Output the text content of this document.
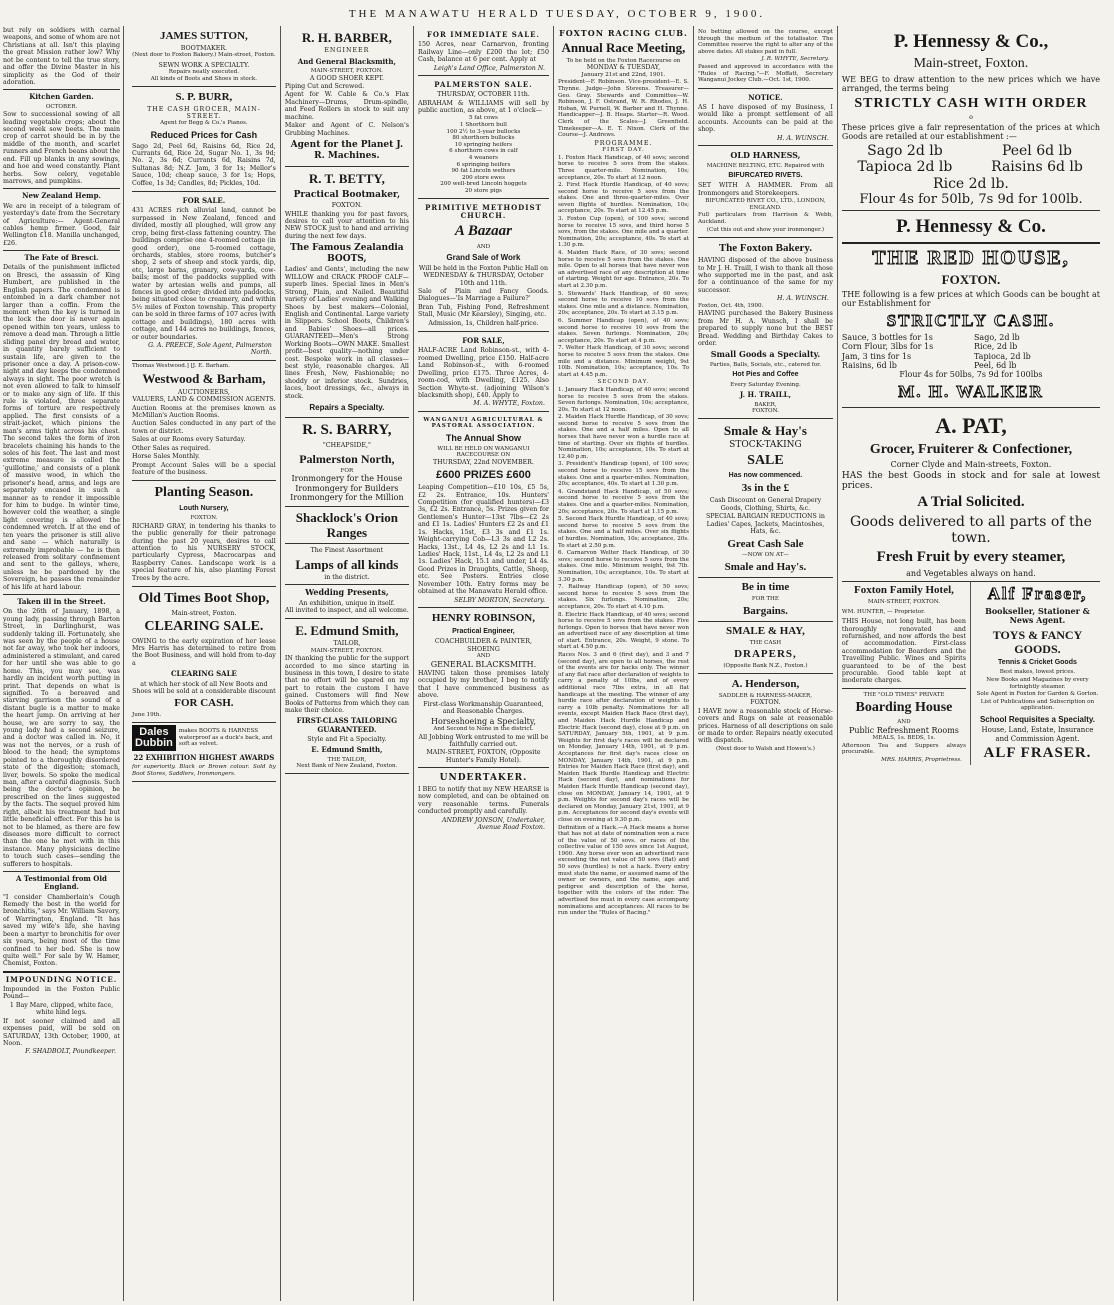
THE MANAWATU HERALD TUESDAY, OCTOBER 9, 1900.

but rely on soldiers with carnal weapons, and some of whom are not Christians at all. Isn't this playing the great Mission rather low? Why not be content to tell the true story, and offer the Divine Master in his simplicity as the God of their adoration.

Kitchen Garden.
OCTOBER.

Sow to successional sowing of all leading vegetable crops; about the second week sow beets. The main crop of carrot should be in by the middle of the month, and scarlet runners and French beans about the end. Fill up blanks in any sowings, and hoe and weed constantly. Plant herbs. Sow celery, vegetable marrows, and pumpkins.

New Zealand Hemp.

We are in receipt of a telegram of yesterday's date from the Secretary of Agriculture:— Agent-General cables hemp firmer. Good, fair Wellington £18. Manilla unchanged, £26.

The Fate of Bresci.

Details of the punishment inflicted on Bresci, the assassin of King Humbert, are published in the English papers. The condemned is entombed in a dark chamber not larger than a coffin. From the moment when the key is turned in the lock the door is never again opened within ten years, unless to remove a dead man. Through a little sliding panel dry bread and water, in quantity barely sufficient to sustain life, are given to the prisoner once a day. A prison-cow-night and day keeps the condemned always in sight. The poor wretch is not even allowed to talk to himself or to make any sign of life. If this rule is violated, three separate forms of torture are respectively applied. The first consists of a strait-jacket, which pinions the man's arms tight across his chest. The second takes the form of iron bracelets chaining his hands to the soles of his feet. The last and most extreme measure is called the 'guillotine,' and consists of a plank of massive wood, in which the prisoner's head, arms, and legs are separately encased in such a manner as to render it impossible for him to budge. In winter time, however cold the weather, a single light covering is allowed the condemned wretch. If at the end of ten years the prisoner is still alive and sane — which naturally is extremely improbable — he is then released from solitary confinement and sent to the galleys, where, unless he be pardoned by the Sovereign, he passes the remainder of his life at hard labour.

Taken ill in the Street.

On the 26th of January, 1898, a young lady, passing through Barton Street, in Darlinghurst, was suddenly taking ill. Fortunately, she was seen by the people of a house not far away, who took her indoors, administered a stimulant, and cared for her until she was able to go home. This, you may see, was hardly an incident worth putting in print. That depends on what is signified. To a bereaved and starving garrison the sound of a distant bugle is a matter to make the heart jump. On arriving at her house, we are sorry to say, the young lady had a second seizure, and a doctor was called in. No, it was not the nerves, or a rush of blood to the head; the symptoms pointed to a thoroughly disordered state of the digestion; stomach, liver, bowels. So spoke the medical man, after a careful diagnosis. Such being the doctor's opinion, he prescribed on the lines suggested by the facts. The sequel proved him right, albeit his treatment had but little beneficial effect. For this he is not to be blamed, as there are few diseases more difficult to correct than the one he met with in this instance. Many physicians decline to touch such cases—sending the sufferers to hospitals.

A Testimonial from Old England.

"I consider Chamberlain's Cough Remedy the best in the world for bronchitis," says Mr. William Savory, of Warrington, England. "It has saved my wife's life, she having been a martyr to bronchitis for over six years, being most of the time confined to her bed. She is now quite well." For sale by W. Hamer, Chemist, Foxton.

IMPOUNDING NOTICE.

Impounded in the Foxton Public Pound—

1 Bay Mare, clipped, white face, white hind legs.

If not sooner claimed and all expenses paid, will be sold on SATURDAY, 13th October, 1900, at Noon.

F. SHADBOLT, Poundkeeper.
JAMES SUTTON,
BOOTMAKER.
(Next door to Foxton Bakery.) Main-street, Foxton.
SEWN WORK A SPECIALTY.
Repairs neatly executed.
All kinds of Boots and Shoes in stock.
S. P. BURR,
THE CASH GROCER, MAIN-STREET.
Agent for Begg & Co.'s Pianos.
Reduced Prices for Cash

Sago 2d, Peel 6d, Raisins 6d, Rice 2d, Currants 6d, Rice 2d, Sugar No. 1, 3s 9d; No. 2, 3s 6d; Currants 6d, Raisins 7d, Sultanas 8d; N.Z. Jam, 3 for 1s; Mellor's Sauce, 10d; cheap sauce, 3 for 1s; Hops, Coffee, 1s 3d; Candles, 8d; Pickles, 10d.

FOR SALE.

431 ACRES rich alluvial land, cannot be surpassed in New Zealand, fenced and divided, mostly all ploughed, will grow any crop, being first-class fattening country. The buildings comprise one 4-roomed cottage (in good order), one 5-roomed cottage, orchards, stables, store rooms, butcher's shop, 2 sets of sheep and stock yards, dip, etc, large barns, granary, cow-yards, cow-bails; most of the paddocks supplied with water by artesian wells and pumps, all fences in good order; divided into paddocks, being situated close to creamery, and within 5½ miles of Foxton township. This property can be sold in three farms of 107 acres (with cottage and buildings), 180 acres with cottage, and 144 acres no buildings, fences, or outer boundaries.

G. A. PREECE, Sole Agent, Palmerston North.
Thomas Westwood.] [J. E. Barham.
Westwood & Barham,
AUCTIONEERS,
VALUERS, LAND & COMMISSION AGENTS.

Auction Rooms at the premises known as McMillan's Auction Rooms.

Auction Sales conducted in any part of the town or district.

Sales at our Rooms every Saturday.

Other Sales as required.

Horse Sales Monthly.

Prompt Account Sales will be a special feature of the business.

Planting Season.
Louth Nursery,
FOXTON.

RICHARD GRAY, in tendering his thanks to the public generally for their patronage during the past 20 years, desires to call attention to his NURSERY STOCK, particularly Cypress, Macrocarpas and Raspberry Canes. Landscape work is a special feature of his, also planting Forest Trees by the acre.

Old Times Boot Shop,
Main-street, Foxton.
CLEARING SALE.

OWING to the early expiration of her lease Mrs Harris has determined to retire from the Boot Business, and will hold from to-day a

CLEARING SALE

at which her stock of all New Boots and Shoes will be sold at a considerable discount

FOR CASH.
June 19th.
Dales
Dubbin
makes BOOTS & HARNESS waterproof as a duck's back, and soft as velvet.
22 EXHIBITION HIGHEST AWARDS

for superiority. Black or Brown colour. Sold by Boot Stores, Saddlers, Ironmongers.

R. H. BARBER,
ENGINEER
And General Blacksmith,
MAIN-STREET, FOXTON.
A GOOD SHOER KEPT.

Piping Cut and Screwed.

Agent for W. Cable & Co.'s Flax Machinery—Drums, Drum-spindle, and Feed Rollers in stock to suit any machine.

Maker and Agent of C. Nelson's Grubbing Machines.

Agent for the Planet J. R. Machines.
R. T. BETTY,
Practical Bootmaker,
FOXTON.

WHILE thanking you for past favors, desires to call your attention to his NEW STOCK just to hand and arriving during the next few days.

The Famous Zealandia BOOTS,

Ladies' and Gents', including the new WILLOW and CRACK PROOF CALF—superb lines. Special lines in Men's Strong, Plain, and Nailed. Beautiful variety of Ladies' evening and Walking Shoes by best makers—Colonial, English and Continental. Large variety in Slippers. School Boots, Children's and Babies' Shoes—all prices. GUARANTEED—Men's Strong Working Boots—OWN MAKE. Smallest profit—best quality—nothing under cost. Bespoke work in all classes—best style, reasonable charges. All lines Fresh, New, Fashionable; no shoddy or inferior stock. Sundries, laces, boot dressings, &c., always in stock.

Repairs a Specialty.
R. S. BARRY,
"CHEAPSIDE,"
Palmerston North,
FOR
Ironmongery for the House
Ironmongery for Builders
Ironmongery for the Million
Shacklock's Orion Ranges
The Finest Assortment
Lamps of all kinds
in the district.
Wedding Presents,
An exhibition, unique in itself.
All invited to inspect, and all welcome.
E. Edmund Smith,
TAILOR,
MAIN-STREET, FOXTON.

IN thanking the public for the support accorded to me since starting in business in this town, I desire to state that no effort will be spared on my part to retain the custom I have gained. Customers will find New Books of Patterns from which they can make their choice.

FIRST-CLASS TAILORING GUARANTEED.
Style and Fit a Specialty.
E. Edmund Smith,
THE TAILOR,
Next Bank of New Zealand, Foxton.
FOR IMMEDIATE SALE.

150 Acres, near Carnarvon, fronting Railway Line—only £200 the lot; £50 Cash, balance at 6 per cent. Apply at

Leigh's Land Office, Palmerston N.
PALMERSTON SALE.
THURSDAY, OCTOBER 11th.

ABRAHAM & WILLIAMS will sell by public auction, as above, at 1 o'clock—

5 fat cows
1 Shorthorn bull
100 2½ to 3-year bullocks
80 shorthorn bullocks
10 springing heifers
6 shorthorn cows in calf
4 weaners
6 springing heifers
90 fat Lincoln wethers
200 store ewes
200 well-bred Lincoln hoggets
20 store pigs
PRIMITIVE METHODIST CHURCH.
A Bazaar
AND
Grand Sale of Work

Will be held in the Foxton Public Hall on WEDNESDAY & THURSDAY, October 10th and 11th.

Sale of Plain and Fancy Goods. Dialogues—'Is Marriage a Failure?'

Bran Tub, Fishing Pond, Refreshment Stall, Music (Mr Kearsley), Singing, etc.

Admission, 1s, Children half-price.

FOR SALE,

HALF-ACRE Land Robinson-st., with 4-roomed Dwelling, price £150. Half-acre Land Robinson-st., with 6-roomed Dwelling, price £175. Three Acres, 4-room-cod, with Dwelling, £125. Also Section Whyte-st. (adjoining Wilson's blacksmith shop), £40. Apply to

M. A. WHYTE, Foxton.
WANGANUI AGRICULTURAL & PASTORAL ASSOCIATION.
The Annual Show
WILL BE HELD ON WANGANUI RACECOURSE ON
THURSDAY, 22nd NOVEMBER.
£600 PRIZES £600

Leaping Competition—£10 10s, £5 5s, £2 2s. Entrance, 10s. Hunters' Competition (for qualified hunters)—£3 3s, £2 2s. Entrance, 5s. Prizes given for Gentlemen's Hunter—13st 7lbs—£2 2s and £1 1s. Ladies' Hunters £2 2s and £1 1s. Hacks, 15st, £3 3s and £1 1s. Weight-carrying Cob—L3 3s and L2 2s. Hacks, 13st., L4 4s, L2 2s and L1 1s. Ladies' Hack, 11st., L4 4s, L2 2s and L1 1s. Ladies' Hack, 15.1 and under, L4 4s. Good Prizes in Draughts, Cattle, Sheep, etc. See Posters. Entries close November 10th. Entry forms may be obtained at the Manawatu Herald office.

SELBY MORTON, Secretary.
HENRY ROBINSON,
Practical Engineer,
COACHBUILDER & PAINTER, SHOEING
AND
GENERAL BLACKSMITH.

HAVING taken those premises lately occupied by my brother, I beg to notify that I have commenced business as above.

First-class Workmanship Guaranteed, and Reasonable Charges.

Horseshoeing a Specialty,
And Second to None in the district.

All Jobbing Work entrusted to me will be faithfully carried out.

MAIN-STREET, FOXTON, (Opposite Hunter's Family Hotel).
UNDERTAKER.

I BEG to notify that my NEW HEARSE is now completed, and can be obtained on very reasonable terms. Funerals conducted promptly and carefully.

ANDREW JONSON, Undertaker, Avenue Road Foxton.
FOXTON RACING CLUB.
Annual Race Meeting,
To be held on the Foxton Racecourse on
MONDAY & TUESDAY,
January 21st and 22nd, 1901.

President—F. Robinson. Vice-president—E. S. Thynne. Judge—John Stevens. Treasurer—Geo. Gray. Stewards and Committee—W. Robinson, J. F. Ostrand, W. R. Rhodes, J. H. Hoban, W. Purnell, W. Barber and H. Thynne. Handicapper—J. B. Heaps. Starter—R. Wood. Clerk of the Scales—J. Greenfield. Timekeeper—A. E. T. Nixon. Clerk of the Course—J. Andrews.

PROGRAMME.
FIRST DAY.
1. Foxton Hack Handicap, of 40 sovs; second horse to receive 5 sovs from the stakes. Three quarter-mile. Nomination, 10s; acceptance, 20s. To start at 12 noon.
2. First Hack Hurdle Handicap, of 40 sovs; second horse to receive 5 sovs from the stakes. One and three-quarter-miles. Over seven flights of hurdles. Nomination, 10s; acceptance, 20s. To start at 12.45 p.m.
3. Foxton Cup (open), of 100 sovs; second horse to receive 15 sovs, and third horse 5 sovs, from the stakes. One mile and a quarter. Nomination, 20s; acceptance, 40s. To start at 1.30 p.m.
4. Maiden Hack Race, of 30 sovs; second horse to receive 5 sovs from the stakes. One mile. Open to all horses that have never won an advertised race of any description at time of starting. Weight for age. Entrance, 20s. To start at 2.30 p.m.
5. Stewards' Hack Handicap, of 60 sovs; second horse to receive 10 sovs from the stakes. One mile and a distance. Nomination, 20s; acceptance, 20s. To start at 3.15 p.m.
6. Summer Handicap (open), of 40 sovs; second horse to receive 10 sovs from the stakes. Seven furlongs. Nomination, 20s; acceptance, 20s. To start at 4 p.m.
7. Welter Hack Handicap, of 30 sovs; second horse to receive 5 sovs from the stakes. One mile and a distance. Minimum weight, 9st 10lb. Nomination, 10s; acceptance, 10s. To start at 4.45 p.m.
SECOND DAY.
1. January Hack Handicap, of 40 sovs; second horse to receive 5 sovs from the stakes. Seven furlongs. Nomination, 10s; acceptance, 20s. To start at 12 noon.
2. Maiden Hack Hurdle Handicap, of 30 sovs; second horse to receive 5 sovs from the stakes. One and a half miles. Open to all horses that have never won a hurdle race at time of starting. Over six flights of hurdles. Nomination, 10s; acceptance, 10s. To start at 12.40 p.m.
3. President's Handicap (open), of 100 sovs; second horse to receive 15 sovs from the stakes. One and a quarter-miles. Nomination, 20s; acceptance, 40s. To start at 1.30 p.m.
4. Grandstand Hack Handicap, of 50 sovs; second horse to receive 5 sovs from the stakes. One and a quarter-miles. Nomination, 20s; acceptance, 20s. To start at 1.15 p.m.
5. Second Hack Hurdle Handicap, of 40 sovs; second horse to receive 5 sovs from the stakes. One and a half miles. Over six flights of hurdles. Nomination, 10s; acceptance, 20s. To start at 2.50 p.m.
6. Carnarvon Welter Hack Handicap, of 30 sovs; second horse to receive 5 sovs from the stakes. One mile. Minimum weight, 9st 7lb. Nomination, 10s; acceptance, 10s. To start at 3.30 p.m.
7. Railway Handicap (open), of 50 sovs; second horse to receive 5 sovs from the stakes. Six furlongs. Nomination, 20s; acceptance, 20s. To start at 4.10 p.m.
8. Electric Hack Handicap, of 40 sovs; second horse to receive 5 sovs from the stakes. Five furlongs. Open to horses that have never won an advertised race of any description at time of start. Entrance, 20s. Weight, 9 stone. To start at 4.50 p.m.

Races Nos. 3 and 6 (first day), and 3 and 7 (second day), are open to all horses, the rest of the events are for hacks only. The winner of any flat race after declaration of weights to carry a penalty of 10lbs, and of every additional race 7lbs extra, in all flat handicaps at the meeting. The winner of any hurdle race after declaration of weights to carry a 10lb penalty. Nominations for all events, except Maiden Hack Race (first day), and Maiden Hack Hurdle Handicap and Electric Hack (second day), close at 9 p.m. on SATURDAY, January 5th, 1901, at 9 p.m. Weights for first day's races will be declared on Monday, January 14th, 1901, at 9 p.m. Acceptances for first day's races close on MONDAY, January 14th, 1901, at 9 p.m. Entries for Maiden Hack Race (first day), and Maiden Hack Hurdle Handicap and Electric Hack (second day), and nominations for Maiden Hack Hurdle Handicap (second day), close on MONDAY, January 14, 1901, at 9 p.m. Weights for second day's races will be declared on Monday, January 21st, 1901, at 9 p.m. Acceptances for second day's events will close on evening at 9.30 p.m.

Definition of a Hack.—A Hack means a horse that has not at date of nomination won a race of the value of 50 sovs. or races of the collective value of 150 sovs since 1st August, 1900. Any horse ever won an advertised race exceeding the net value of 50 sovs (flat) and 50 sovs (hurdles) is not a hack. Every entry must state the name, or assumed name of the owner or owners, and the name, age and pedigree and description of the horse, together with the colors of the rider. The advertised fee must in every case accompany nominations and acceptances. All races to be run under the "Rules of Racing."

No betting allowed on the course, except through the medium of the totalisator. The Committee reserve the right to alter any of the above dates. All stakes paid in full.

J. R. WHYTE, Secretary.

Passed and approved in accordance with the "Rules of Racing."—F. Moffatt, Secretary Wanganui Jockey Club.—Oct. 1st, 1900.

NOTICE.

AS I have disposed of my Business, I would like a prompt settlement of all accounts. Accounts can be paid at the shop.

H. A. WUNSCH.
OLD HARNESS,
MACHINE BELTING, ETC. Repaired with
BIFURCATED RIVETS.

SET WITH A HAMMER. From all Ironmongers and Storekeepers.

BIFURCATED RIVET CO., LTD., LONDON, ENGLAND.

Full particulars from Harrison & Webb, Auckland.

(Cut this out and show your ironmonger.)

The Foxton Bakery.

HAVING disposed of the above business to Mr J. H. Traill, I wish to thank all those who supported me in the past, and ask for a continuance of the same for my successor.

H. A. WUNSCH.
Foxton, Oct. 4th, 1900.

HAVING purchased the Bakery Business from Mr H. A. Wunsch, I shall be prepared to supply none but the BEST Bread. Wedding and Birthday Cakes to order.

Small Goods a Specialty.
Parties, Balls, Socials, etc., catered for.
Hot Pies and Coffee
Every Saturday Evening.
J. H. TRAILL,
BAKER,
FOXTON.
Smale & Hay's
STOCK-TAKING
SALE
Has now commenced.
3s in the £

Cash Discount on General Drapery Goods, Clothing, Shirts, &c.

SPECIAL BARGAIN REDUCTIONS in Ladies' Capes, Jackets, Macintoshes, Hats, &c.

Great Cash Sale
—NOW ON AT—
Smale and Hay's.
Be in time
FOR THE
Bargains.
SMALE & HAY,
THE CASH
DRAPERS,
(Opposite Bank N.Z., Foxton.)
A. Henderson,
SADDLER & HARNESS-MAKER,
FOXTON.

I HAVE now a reasonable stock of Horse-covers and Rugs on sale at reasonable prices. Harness of all descriptions on sale or made to order. Repairs neatly executed with dispatch.

(Next door to Walsh and Howen's.)
P. Hennessy & Co.,
Main-street, Foxton.

WE BEG to draw attention to the new prices which we have arranged, the terms being

STRICTLY CASH WITH ORDER
o

These prices give a fair representation of the prices at which Goods are retailed at our establishment :—

Sago 2d lb	Peel 6d lb
Tapioca 2d lb	Raisins 6d lb
Rice 2d lb.
Flour 4s for 50lb, 7s 9d for 100lb.
P. Hennessy & Co.
THE RED HOUSE,
FOXTON.

THE following is a few prices at which Goods can be bought at our Establishment for

STRICTLY CASH.
Sauce, 3 bottles for 1s	Sago, 2d lb
Corn Flour, 3lbs for 1s	Rice, 2d lb
Jam, 3 tins for 1s	Tapioca, 2d lb
Raisins, 6d lb	Peel, 6d lb
Flour 4s for 50lbs, 7s 9d for 100lbs
M. H. WALKER
A. PAT,
Grocer, Fruiterer & Confectioner,
Corner Clyde and Main-streets, Foxton.

HAS the best Goods in stock and for sale at lowest prices.

A Trial Solicited.
Goods delivered to all parts of the town.
Fresh Fruit by every steamer,
and Vegetables always on hand.
Foxton Family Hotel,
MAIN-STREET, FOXTON.
WM. HUNTER, — Proprietor.

THIS House, not long built, has been thoroughly renovated and refurnished, and now affords the best of accommodation. First-class accommodation for Boarders and the Travelling Public. Wines and Spirits guaranteed to be of the best procurable. Good table kept at moderate charges.

THE "OLD TIMES" PRIVATE
Boarding House
AND
Public Refreshment Rooms
MEALS, 1s. BEDS, 1s.

Afternoon Tea and Suppers always procurable.

MRS. HARRIS, Proprietress.
Alf Fraser,
Bookseller, Stationer & News Agent.
TOYS & FANCY GOODS.
Tennis & Cricket Goods
Best makes, lowest prices.

New Books and Magazines by every fortnightly steamer.

Sole Agent in Foxton for Garden & Gorton.

List of Publications and Subscription on application.

School Requisites a Specialty.

House, Land, Estate, Insurance and Commission Agent.

ALF FRASER.
